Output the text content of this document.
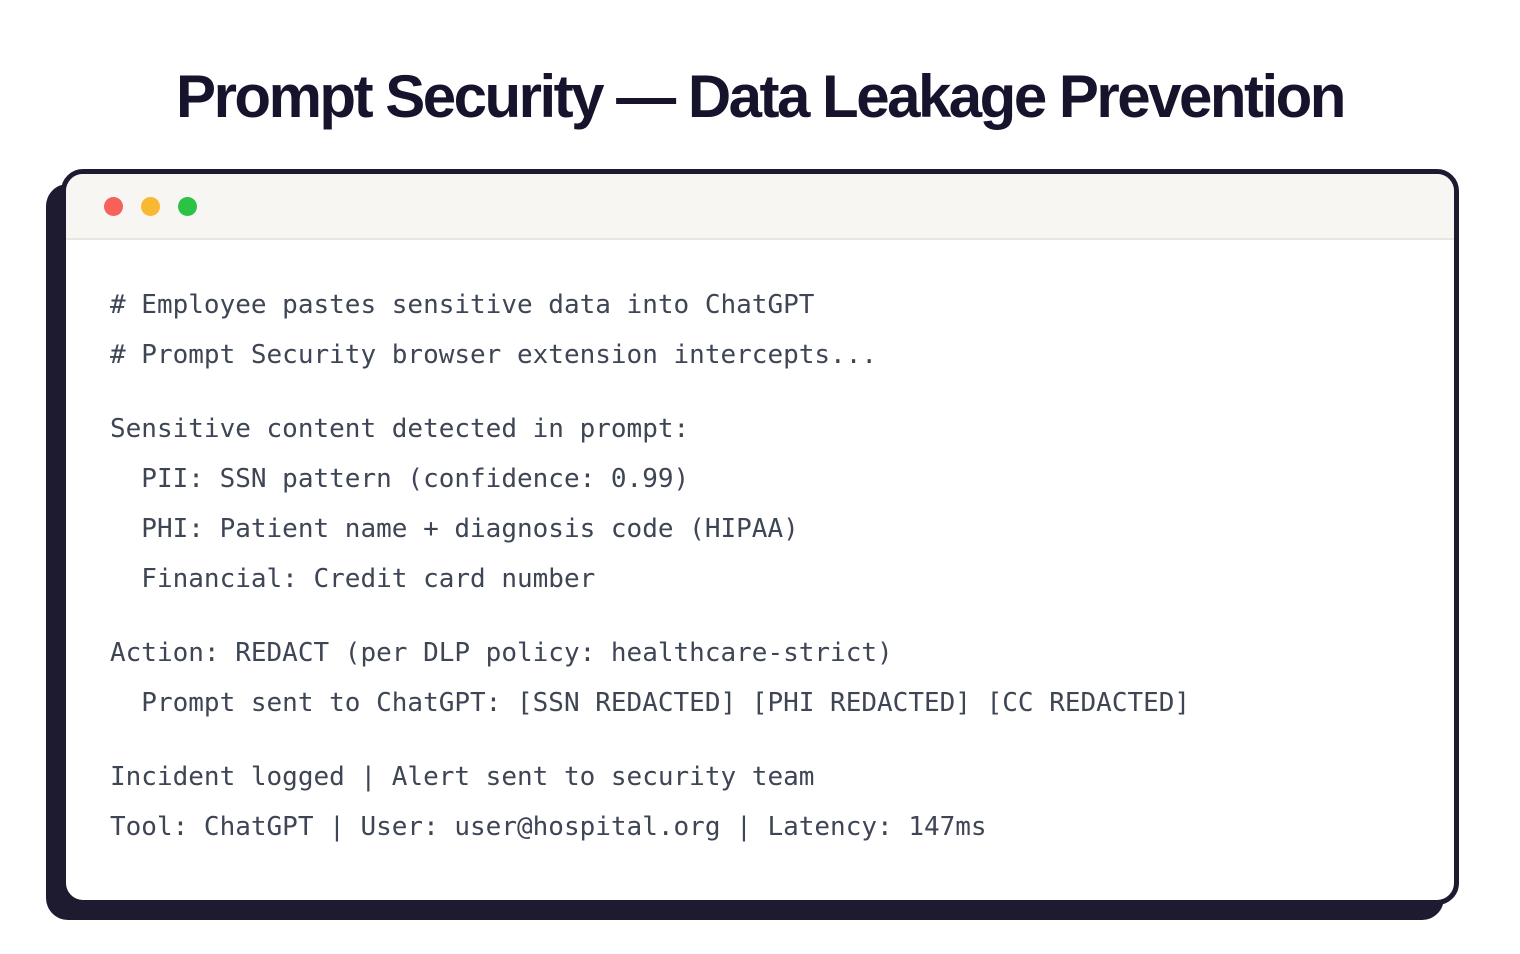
Prompt Security — Data Leakage Prevention
# Employee pastes sensitive data into ChatGPT
# Prompt Security browser extension intercepts...
Sensitive content detected in prompt:
PII: SSN pattern (confidence: 0.99)
PHI: Patient name + diagnosis code (HIPAA)
Financial: Credit card number
Action: REDACT (per DLP policy: healthcare-strict)
Prompt sent to ChatGPT: [SSN REDACTED] [PHI REDACTED] [CC REDACTED]
Incident logged | Alert sent to security team
Tool: ChatGPT | User: user@hospital.org | Latency: 147ms
